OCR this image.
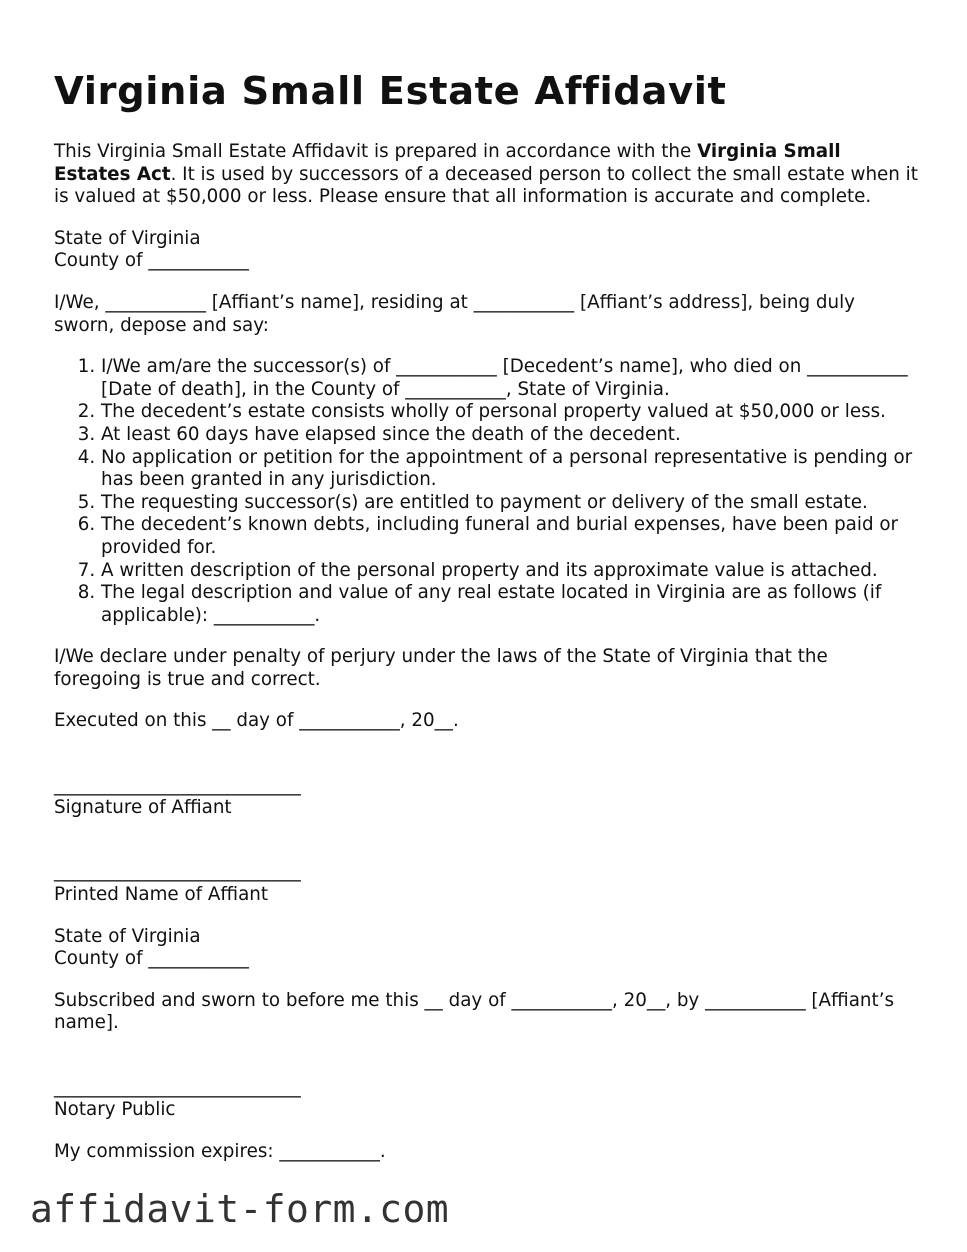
Virginia Small Estate Affidavit

This Virginia Small Estate Affidavit is prepared in accordance with the Virginia Small Estates Act. It is used by successors of a deceased person to collect the small estate when it is valued at $50,000 or less. Please ensure that all information is accurate and complete.

State of Virginia
County of ___________

I/We, ___________ [Affiant’s name], residing at ___________ [Affiant’s address], being duly sworn, depose and say:

1. I/We am/are the successor(s) of ___________ [Decedent’s name], who died on ___________ [Date of death], in the County of ___________, State of Virginia.
2. The decedent’s estate consists wholly of personal property valued at $50,000 or less.
3. At least 60 days have elapsed since the death of the decedent.
4. No application or petition for the appointment of a personal representative is pending or has been granted in any jurisdiction.
5. The requesting successor(s) are entitled to payment or delivery of the small estate.
6. The decedent’s known debts, including funeral and burial expenses, have been paid or provided for.
7. A written description of the personal property and its approximate value is attached.
8. The legal description and value of any real estate located in Virginia are as follows (if applicable): ___________.

I/We declare under penalty of perjury under the laws of the State of Virginia that the foregoing is true and correct.

Executed on this __ day of ___________, 20__.

___________________________
Signature of Affiant
___________________________
Printed Name of Affiant
State of Virginia
County of ___________

Subscribed and sworn to before me this __ day of ___________, 20__, by ___________ [Affiant’s name].

___________________________
Notary Public

My commission expires: ___________.

affidavit-form.com
